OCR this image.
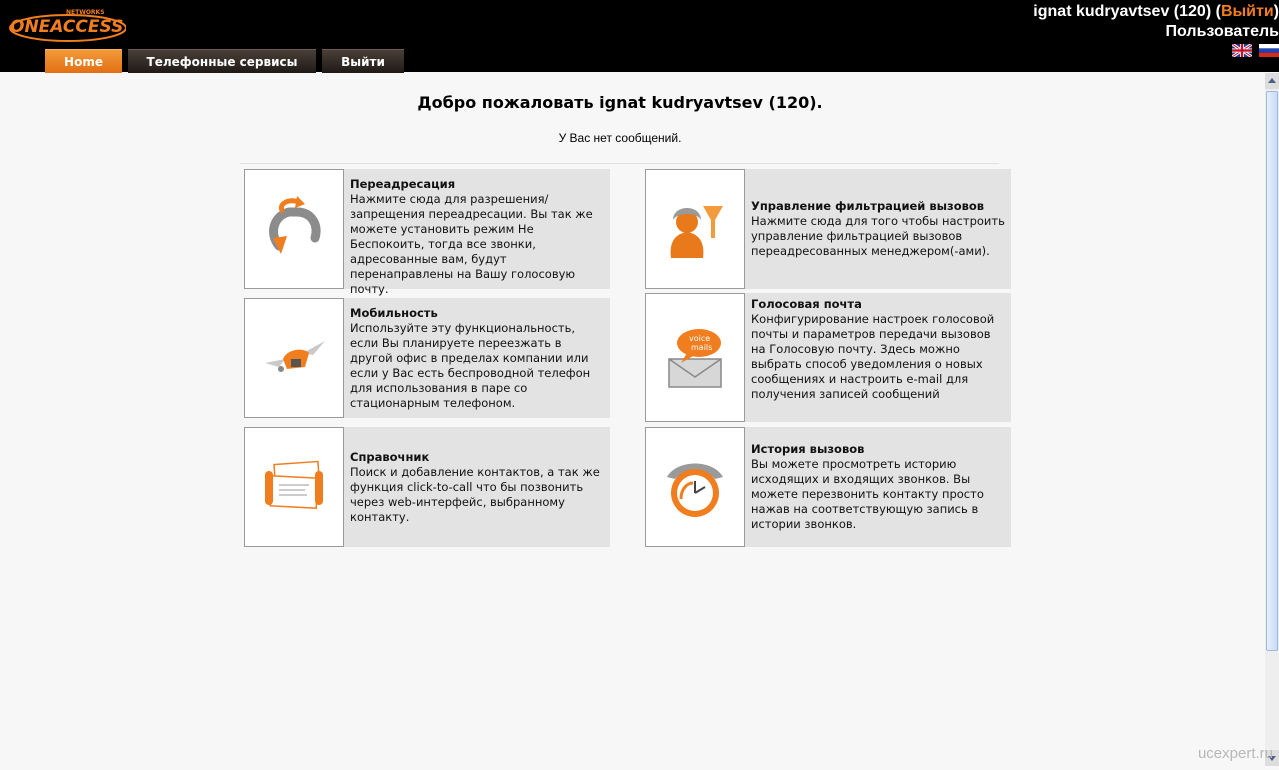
ONEACCESS
NETWORKS	ignat kudryavtsev (120) (Выйти)
Пользователь

Home	Телефонные сервисы	Выйти
Добро пожаловать ignat kudryavtsev (120).
У Вас нет сообщений.
Переадресация
Нажмите сюда для разрешения/запрещения переадресации. Вы так же можете установить режим Не Беспокоить, тогда все звонки, адресованные вам, будут перенаправлены на Вашу голосовую почту.
Мобильность
Используйте эту функциональность, если Вы планируете переезжать в другой офис в пределах компании или если у Вас есть беспроводной телефон для использования в паре со стационарным телефоном.
Справочник
Поиск и добавление контактов, а так же функция click-to-call что бы позвонить через web-интерфейс, выбранному контакту.
Управление фильтрацией вызовов
Нажмите сюда для того чтобы настроить управление фильтрацией вызовов переадресованных менеджером(-ами).
voice
mails
Голосовая почта
Конфигурирование настроек голосовой почты и параметров передачи вызовов на Голосовую почту. Здесь можно выбрать способ уведомления о новых сообщениях и настроить e-mail для получения записей сообщений
История вызовов
Вы можете просмотреть историю исходящих и входящих звонков. Вы можете перезвонить контакту просто нажав на соответствующую запись в истории звонков.
ucexpert.ru
